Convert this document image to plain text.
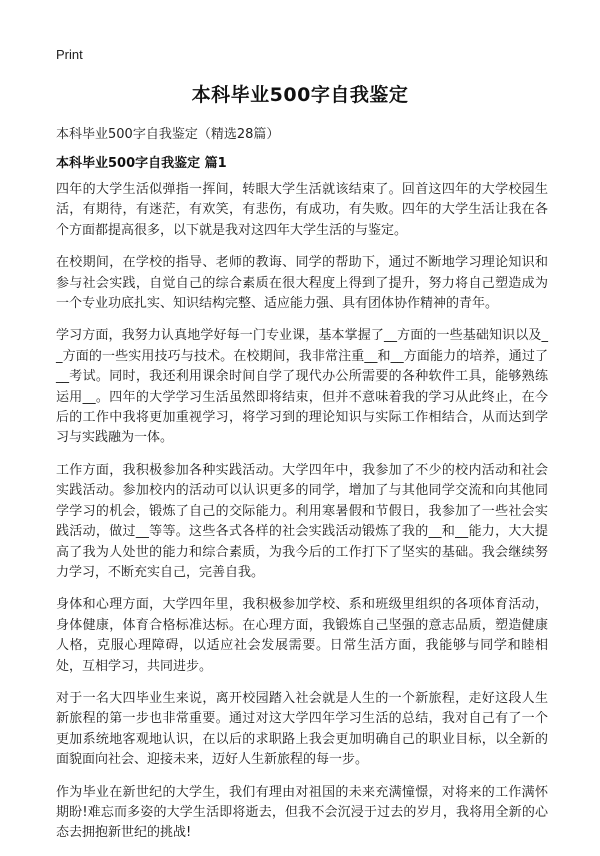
Print
本科毕业500字自我鉴定
本科毕业500字自我鉴定（精选28篇）
本科毕业500字自我鉴定 篇1

四年的大学生活似弹指一挥间，转眼大学生活就该结束了。回首这四年的大学校园生活，有期待，有迷茫，有欢笑，有悲伤，有成功，有失败。四年的大学生活让我在各个方面都提高很多，以下就是我对这四年大学生活的与鉴定。

在校期间，在学校的指导、老师的教诲、同学的帮助下，通过不断地学习理论知识和参与社会实践，自觉自己的综合素质在很大程度上得到了提升，努力将自己塑造成为一个专业功底扎实、知识结构完整、适应能力强、具有团体协作精神的青年。

学习方面，我努力认真地学好每一门专业课，基本掌握了__方面的一些基础知识以及__方面的一些实用技巧与技术。在校期间，我非常注重__和__方面能力的培养，通过了__考试。同时，我还利用课余时间自学了现代办公所需要的各种软件工具，能够熟练运用__。四年的大学学习生活虽然即将结束，但并不意味着我的学习从此终止，在今后的工作中我将更加重视学习，将学习到的理论知识与实际工作相结合，从而达到学习与实践融为一体。

工作方面，我积极参加各种实践活动。大学四年中，我参加了不少的校内活动和社会实践活动。参加校内的活动可以认识更多的同学，增加了与其他同学交流和向其他同学学习的机会，锻炼了自己的交际能力。利用寒暑假和节假日，我参加了一些社会实践活动，做过__等等。这些各式各样的社会实践活动锻炼了我的__和__能力，大大提高了我为人处世的能力和综合素质，为我今后的工作打下了坚实的基础。我会继续努力学习，不断充实自己，完善自我。

身体和心理方面，大学四年里，我积极参加学校、系和班级里组织的各项体育活动，身体健康，体育合格标准达标。在心理方面，我锻炼自己坚强的意志品质，塑造健康人格，克服心理障碍，以适应社会发展需要。日常生活方面，我能够与同学和睦相处，互相学习，共同进步。

对于一名大四毕业生来说，离开校园踏入社会就是人生的一个新旅程，走好这段人生新旅程的第一步也非常重要。通过对这大学四年学习生活的总结，我对自己有了一个更加系统地客观地认识，在以后的求职路上我会更加明确自己的职业目标，以全新的面貌面向社会、迎接未来，迈好人生新旅程的每一步。

作为毕业在新世纪的大学生，我们有理由对祖国的未来充满憧憬，对将来的工作满怀期盼!难忘而多姿的大学生活即将逝去，但我不会沉浸于过去的岁月，我将用全新的心态去拥抱新世纪的挑战!
